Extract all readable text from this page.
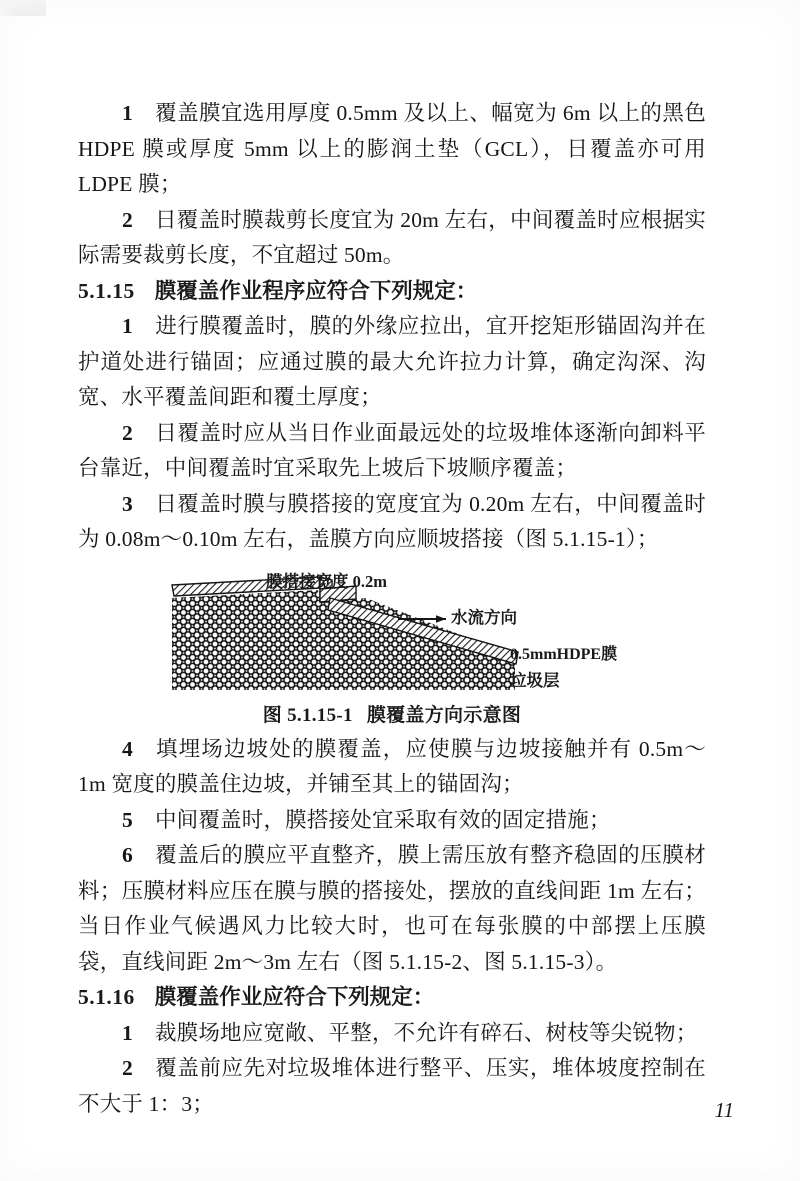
1 覆盖膜宜选用厚度 0.5mm 及以上、幅宽为 6m 以上的黑色 HDPE 膜或厚度 5mm 以上的膨润土垫（GCL），日覆盖亦可用 LDPE 膜；

2 日覆盖时膜裁剪长度宜为 20m 左右，中间覆盖时应根据实际需要裁剪长度，不宜超过 50m。

5.1.15 膜覆盖作业程序应符合下列规定：

1 进行膜覆盖时，膜的外缘应拉出，宜开挖矩形锚固沟并在护道处进行锚固；应通过膜的最大允许拉力计算，确定沟深、沟宽、水平覆盖间距和覆土厚度；

2 日覆盖时应从当日作业面最远处的垃圾堆体逐渐向卸料平台靠近，中间覆盖时宜采取先上坡后下坡顺序覆盖；

3 日覆盖时膜与膜搭接的宽度宜为 0.20m 左右，中间覆盖时为 0.08m～0.10m 左右，盖膜方向应顺坡搭接（图 5.1.15-1）；

膜搭接宽度 0.2m
水流方向
0.5mmHDPE膜
垃圾层
图 5.1.15-1 膜覆盖方向示意图

4 填埋场边坡处的膜覆盖，应使膜与边坡接触并有 0.5m～1m 宽度的膜盖住边坡，并铺至其上的锚固沟；

5 中间覆盖时，膜搭接处宜采取有效的固定措施；

6 覆盖后的膜应平直整齐，膜上需压放有整齐稳固的压膜材料；压膜材料应压在膜与膜的搭接处，摆放的直线间距 1m 左右；当日作业气候遇风力比较大时，也可在每张膜的中部摆上压膜袋，直线间距 2m～3m 左右（图 5.1.15-2、图 5.1.15-3）。

5.1.16 膜覆盖作业应符合下列规定：

1 裁膜场地应宽敞、平整，不允许有碎石、树枝等尖锐物；

2 覆盖前应先对垃圾堆体进行整平、压实，堆体坡度控制在不大于 1：3；	11
